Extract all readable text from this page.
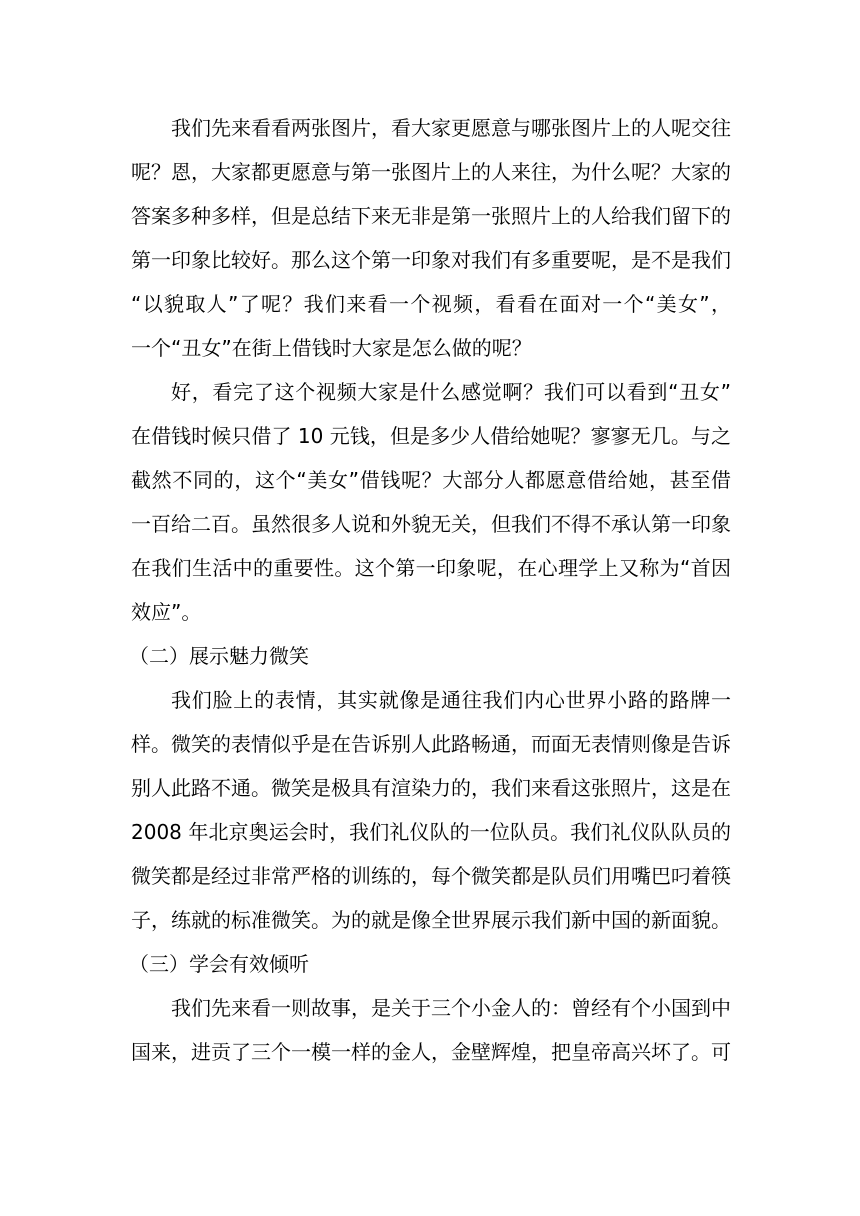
我们先来看看两张图片，看大家更愿意与哪张图片上的人呢交往
呢？恩，大家都更愿意与第一张图片上的人来往，为什么呢？大家的
答案多种多样，但是总结下来无非是第一张照片上的人给我们留下的
第一印象比较好。那么这个第一印象对我们有多重要呢，是不是我们
“以貌取人”了呢？我们来看一个视频，看看在面对一个“美女”，
一个“丑女”在街上借钱时大家是怎么做的呢？
好，看完了这个视频大家是什么感觉啊？我们可以看到“丑女”
在借钱时候只借了 10 元钱，但是多少人借给她呢？寥寥无几。与之
截然不同的，这个“美女”借钱呢？大部分人都愿意借给她，甚至借
一百给二百。虽然很多人说和外貌无关，但我们不得不承认第一印象
在我们生活中的重要性。这个第一印象呢，在心理学上又称为“首因
效应”。
（二）展示魅力微笑
我们脸上的表情，其实就像是通往我们内心世界小路的路牌一
样。微笑的表情似乎是在告诉别人此路畅通，而面无表情则像是告诉
别人此路不通。微笑是极具有渲染力的，我们来看这张照片，这是在
2008 年北京奥运会时，我们礼仪队的一位队员。我们礼仪队队员的
微笑都是经过非常严格的训练的，每个微笑都是队员们用嘴巴叼着筷
子，练就的标准微笑。为的就是像全世界展示我们新中国的新面貌。
（三）学会有效倾听
我们先来看一则故事，是关于三个小金人的：曾经有个小国到中
国来，进贡了三个一模一样的金人，金壁辉煌，把皇帝高兴坏了。可
